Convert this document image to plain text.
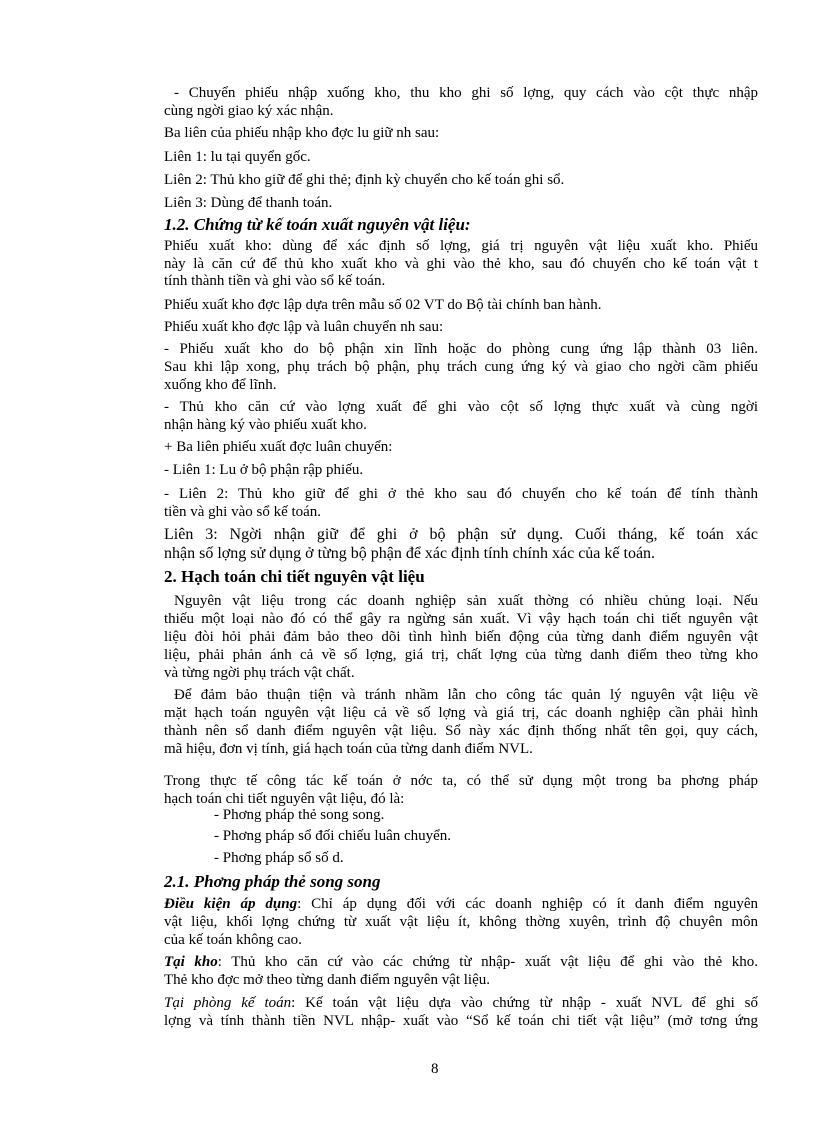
- Chuyển phiếu nhập xuống kho, thu kho ghi số lợng, quy cách vào cột thực nhập

cùng ngời giao ký xác nhận.

Ba liên của phiếu nhập kho đợc lu giữ nh sau:

Liên 1: lu tại quyển gốc.

Liên 2: Thủ kho giữ để ghi thẻ; định kỳ chuyển cho kế toán ghi sổ.

Liên 3: Dùng để thanh toán.

1.2. Chứng từ kế toán xuất nguyên vật liệu:

Phiếu xuất kho: dùng để xác định số lợng, giá trị nguyên vật liệu xuất kho. Phiếu

này là căn cứ để thủ kho xuất kho và ghi vào thẻ kho, sau đó chuyển cho kế toán vật t

tính thành tiền và ghi vào sổ kế toán.

Phiếu xuất kho đợc lập dựa trên mẫu số 02 VT do Bộ tài chính ban hành.

Phiếu xuất kho đợc lập và luân chuyển nh sau:

- Phiếu xuất kho do bộ phận xin lĩnh hoặc do phòng cung ứng lập thành 03 liên.

Sau khi lập xong, phụ trách bộ phận, phụ trách cung ứng ký và giao cho ngời cầm phiếu

xuống kho để lĩnh.

- Thủ kho căn cứ vào lợng xuất để ghi vào cột số lợng thực xuất và cùng ngời

nhận hàng ký vào phiếu xuất kho.

+ Ba liên phiếu xuất đợc luân chuyển:

- Liên 1: Lu ở bộ phận rập phiếu.

- Liên 2: Thủ kho giữ để ghi ở thẻ kho sau đó chuyển cho kế toán để tính thành

tiền và ghi vào sổ kế toán.

Liên 3: Ngời nhận giữ để ghi ở bộ phận sử dụng. Cuối tháng, kế toán xác

nhận số lợng sử dụng ở từng bộ phận để xác định tính chính xác của kế toán.

2. Hạch toán chi tiết nguyên vật liệu

Nguyên vật liệu trong các doanh nghiệp sản xuất thờng có nhiều chủng loại. Nếu

thiếu một loại nào đó có thể gây ra ngừng sản xuất. Vì vậy hạch toán chi tiết nguyên vật

liệu đòi hỏi phải đảm bảo theo dõi tình hình biến động của từng danh điểm nguyên vật

liệu, phải phản ánh cả về số lợng, giá trị, chất lợng của từng danh điểm theo từng kho

và từng ngời phụ trách vật chất.

Để đảm bảo thuận tiện và tránh nhầm lẫn cho công tác quản lý nguyên vật liệu về

mặt hạch toán nguyên vật liệu cả về số lợng và giá trị, các doanh nghiệp cần phải hình

thành nên sổ danh điểm nguyên vật liệu. Sổ này xác định thống nhất tên gọi, quy cách,

mã hiệu, đơn vị tính, giá hạch toán của từng danh điểm NVL.

Trong thực tế công tác kế toán ở nớc ta, có thể sử dụng một trong ba phơng pháp

hạch toán chi tiết nguyên vật liệu, đó là:

- Phơng pháp thẻ song song.

- Phơng pháp sổ đối chiếu luân chuyển.

- Phơng pháp sổ số d.

2.1. Phơng pháp thẻ song song

Điều kiện áp dụng: Chỉ áp dụng đối với các doanh nghiệp có ít danh điểm nguyên

vật liệu, khối lợng chứng từ xuất vật liệu ít, không thờng xuyên, trình độ chuyên môn

của kế toán không cao.

Tại kho: Thủ kho căn cứ vào các chứng từ nhập- xuất vật liệu để ghi vào thẻ kho.

Thẻ kho đợc mở theo từng danh điểm nguyên vật liệu.

Tại phòng kế toán: Kế toán vật liệu dựa vào chứng từ nhập - xuất NVL để ghi số

lợng và tính thành tiền NVL nhập- xuất vào “Sổ kế toán chi tiết vật liệu” (mở tơng ứng

8
